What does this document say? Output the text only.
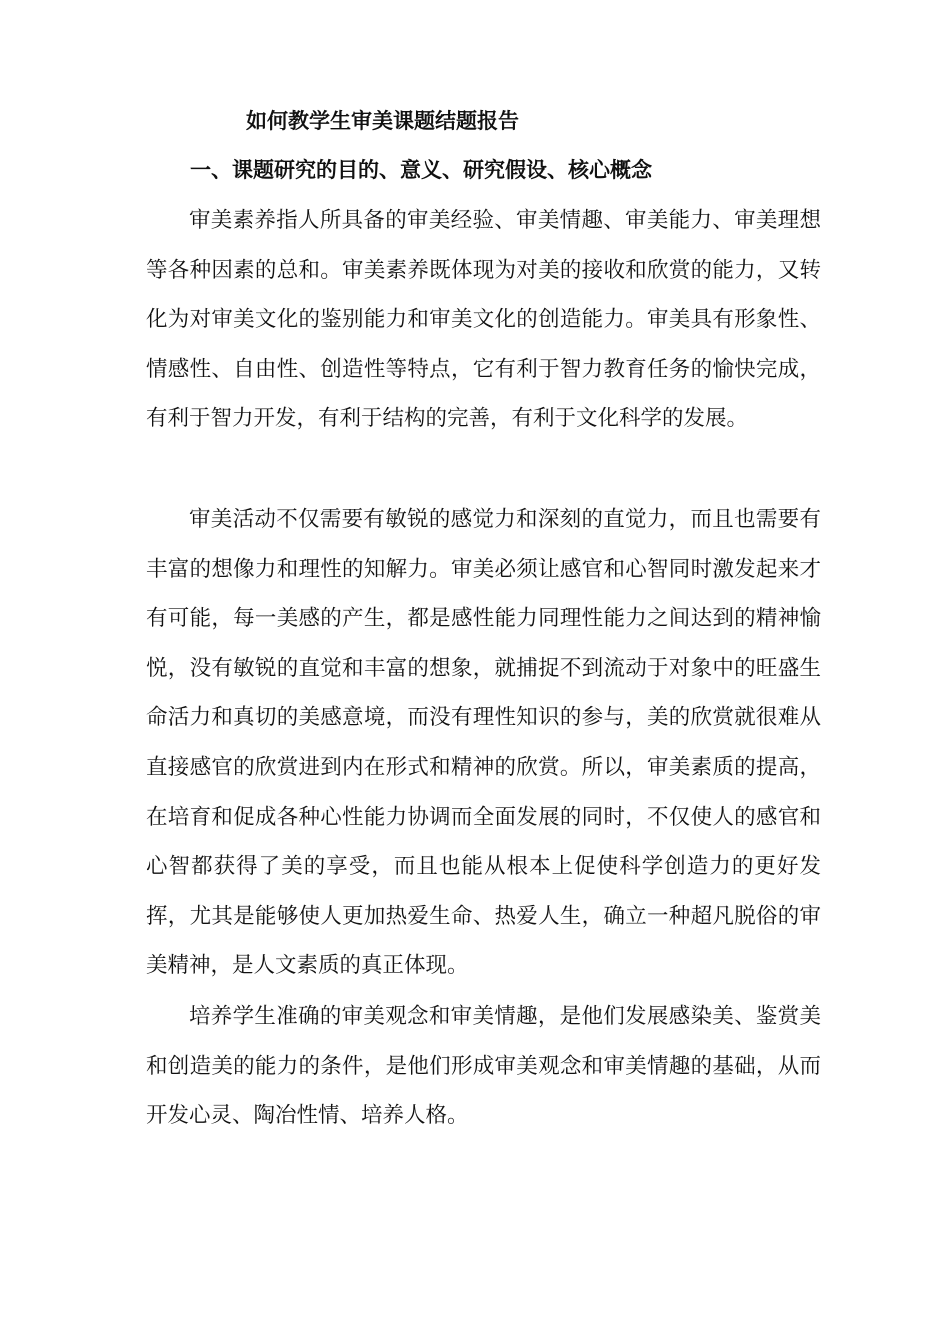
如何教学生审美课题结题报告
一、课题研究的目的、意义、研究假设、核心概念

审美素养指人所具备的审美经验、审美情趣、审美能力、审美理想等各种因素的总和。审美素养既体现为对美的接收和欣赏的能力，又转化为对审美文化的鉴别能力和审美文化的创造能力。审美具有形象性、情感性、自由性、创造性等特点，它有利于智力教育任务的愉快完成，有利于智力开发，有利于结构的完善，有利于文化科学的发展。

审美活动不仅需要有敏锐的感觉力和深刻的直觉力，而且也需要有丰富的想像力和理性的知解力。审美必须让感官和心智同时激发起来才有可能，每一美感的产生，都是感性能力同理性能力之间达到的精神愉悦，没有敏锐的直觉和丰富的想象，就捕捉不到流动于对象中的旺盛生命活力和真切的美感意境，而没有理性知识的参与，美的欣赏就很难从直接感官的欣赏进到内在形式和精神的欣赏。所以，审美素质的提高，在培育和促成各种心性能力协调而全面发展的同时，不仅使人的感官和心智都获得了美的享受，而且也能从根本上促使科学创造力的更好发挥，尤其是能够使人更加热爱生命、热爱人生，确立一种超凡脱俗的审美精神，是人文素质的真正体现。

培养学生准确的审美观念和审美情趣，是他们发展感染美、鉴赏美和创造美的能力的条件，是他们形成审美观念和审美情趣的基础，从而开发心灵、陶冶性情、培养人格。
